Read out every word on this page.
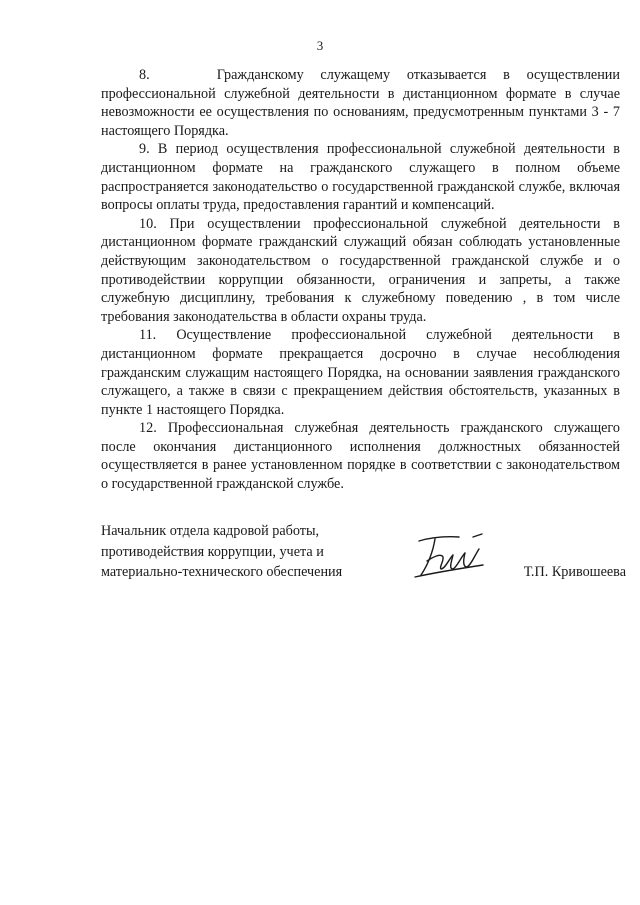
3

8.    Гражданскому служащему отказывается в осуществлении профессиональной служебной деятельности в дистанционном формате в случае невозможности ее осуществления по основаниям, предусмотренным пунктами 3 - 7 настоящего Порядка.

9. В период осуществления профессиональной служебной деятельности в дистанционном формате на гражданского служащего в полном объеме распространяется законодательство о государственной гражданской службе, включая вопросы оплаты труда, предоставления гарантий и компенсаций.

10. При осуществлении профессиональной служебной деятельности в дистанционном формате гражданский служащий обязан соблюдать установленные действующим законодательством о государственной гражданской службе и о противодействии коррупции обязанности, ограничения и запреты, а также служебную дисциплину, требования к служебному поведению , в том числе требования законодательства в области охраны труда.

11. Осуществление профессиональной служебной деятельности в дистанционном формате прекращается досрочно в случае несоблюдения гражданским служащим настоящего Порядка, на основании заявления гражданского служащего, а также в связи с прекращением действия обстоятельств, указанных в пункте 1 настоящего Порядка.

12. Профессиональная служебная деятельность гражданского служащего после окончания дистанционного исполнения должностных обязанностей осуществляется в ранее установленном порядке в соответствии с законодательством о государственной гражданской службе.

Начальник отдела кадровой работы,
противодействия коррупции, учета и
материально-технического обеспечения	Т.П. Кривошеева
